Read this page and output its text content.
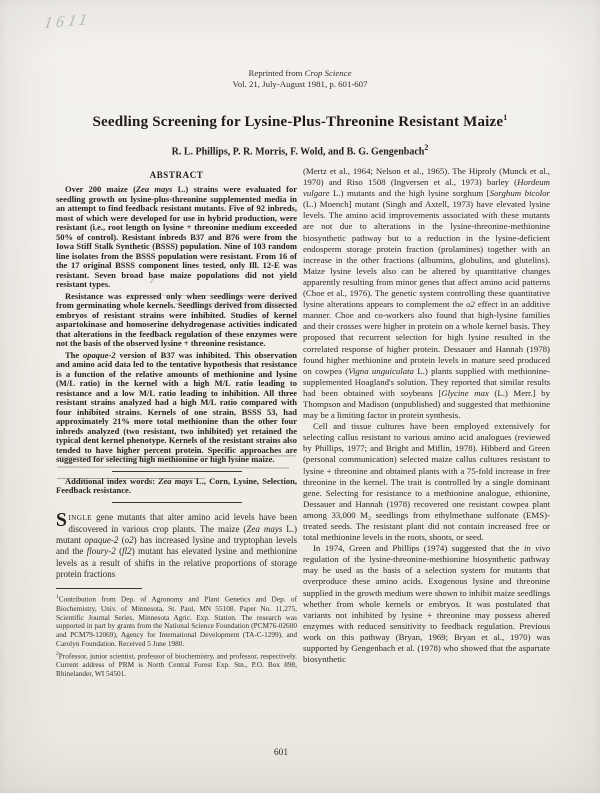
1611
Reprinted from Crop Science
Vol. 21, July-August 1981, p. 601-607
Seedling Screening for Lysine-Plus-Threonine Resistant Maize$^1$
R. L. Phillips, P. R. Morris, F. Wold, and B. G. Gengenbach$^2$
ABSTRACT

Over 200 maize (Zea mays L.) strains were evaluated for seedling growth on lysine-plus-threonine supplemented media in an attempt to find feedback resistant mutants. Five of 92 inbreds, most of which were developed for use in hybrid production, were resistant (i.e., root length on lysine + threonine medium exceeded 50% of control). Resistant inbreds B37 and B76 were from the Iowa Stiff Stalk Synthetic (BSSS) population. Nine of 103 random line isolates from the BSSS population were resistant. From 16 of the 17 original BSSS component lines tested, only Ill. 12-E was resistant. Seven broad base maize populations did not yield resistant types.

Resistance was expressed only when seedlings were derived from germinating whole kernels. Seedlings derived from dissected embryos of resistant strains were inhibited. Studies of kernel aspartokinase and homoserine dehydrogenase activities indicated that alterations in the feedback regulation of these enzymes were not the basis of the observed lysine + threonine resistance.

The opaque-2 version of B37 was inhibited. This observation and amino acid data led to the tentative hypothesis that resistance is a function of the relative amounts of methionine and lysine (M/L ratio) in the kernel with a high M/L ratio leading to resistance and a low M/L ratio leading to inhibition. All three resistant strains analyzed had a high M/L ratio compared with four inhibited strains. Kernels of one strain, BSSS 53, had approximately 21% more total methionine than the other four inbreds analyzed (two resistant, two inhibited) yet retained the typical dent kernel phenotype. Kernels of the resistant strains also tended to have higher percent protein. Specific approaches are suggested for selecting high methionine or high lysine maize.

Additional index words: Zea mays L., Corn, Lysine, Selection, Feedback resistance.

SINGLE gene mutants that alter amino acid levels have been discovered in various crop plants. The maize (Zea mays L.) mutant opaque-2 (o2) has increased lysine and tryptophan levels and the floury-2 (fl2) mutant has elevated lysine and methionine levels as a result of shifts in the relative proportions of storage protein fractions

$^1$Contribution from Dep. of Agronomy and Plant Genetics and Dep. of Biochemistry, Univ. of Minnesota, St. Paul, MN 55108. Paper No. 11,275, Scientific Journal Series, Minnesota Agric. Exp. Station. The research was supported in part by grants from the National Science Foundation (PCM76-02600 and PCM79-12069), Agency for International Development (TA-C-1299), and Carolyn Foundation. Received 5 June 1980.

$^2$Professor, junior scientist, professor of biochemistry, and professor, respectively. Current address of PRM is North Central Forest Exp. Stn., P.O. Box 898, Rhinelander, WI 54501.

(Mertz et al., 1964; Nelson et al., 1965). The Hiproly (Munck et al., 1970) and Riso 1508 (Ingversen et al., 1973) barley (Hordeum vulgare L.) mutants and the high lysine sorghum [Sorghum bicolor (L.) Moench] mutant (Singh and Axtell, 1973) have elevated lysine levels. The amino acid improvements associated with these mutants are not due to alterations in the lysine-threonine-methionine biosynthetic pathway but to a reduction in the lysine-deficient endosperm storage protein fraction (prolamines) together with an increase in the other fractions (albumins, globulins, and glutelins). Maize lysine levels also can be altered by quantitative changes apparently resulting from minor genes that affect amino acid patterns (Choe et al., 1976). The genetic system controlling these quantitative lysine alterations appears to complement the o2 effect in an additive manner. Choe and co-workers also found that high-lysine families and their crosses were higher in protein on a whole kernel basis. They proposed that recurrent selection for high lysine resulted in the correlated response of higher protein. Dessauer and Hannah (1978) found higher methionine and protein levels in mature seed produced on cowpea (Vigna unguiculata L.) plants supplied with methionine-supplemented Hoagland's solution. They reported that similar results had been obtained with soybeans [Glycine max (L.) Merr.] by Thompson and Madison (unpublished) and suggested that methionine may be a limiting factor in protein synthesis.

Cell and tissue cultures have been employed extensively for selecting callus resistant to various amino acid analogues (reviewed by Phillips, 1977; and Bright and Miflin, 1978). Hibberd and Green (personal communication) selected maize callus cultures resistant to lysine + threonine and obtained plants with a 75-fold increase in free threonine in the kernel. The trait is controlled by a single dominant gene. Selecting for resistance to a methionine analogue, ethionine, Dessauer and Hannah (1978) recovered one resistant cowpea plant among 33,000 M₂ seedlings from ethylmethane sulfonate (EMS)-treated seeds. The resistant plant did not contain increased free or total methionine levels in the roots, shoots, or seed.

In 1974, Green and Phillips (1974) suggested that the in vivo regulation of the lysine-threonine-methionine biosynthetic pathway may be used as the basis of a selection system for mutants that overproduce these amino acids. Exogenous lysine and threonine supplied in the growth medium were shown to inhibit maize seedlings whether from whole kernels or embryos. It was postulated that variants not inhibited by lysine + threonine may possess altered enzymes with reduced sensitivity to feedback regulation. Previous work on this pathway (Bryan, 1969; Bryan et al., 1970) was supported by Gengenbach et al. (1978) who showed that the aspartate biosynthetic

601
